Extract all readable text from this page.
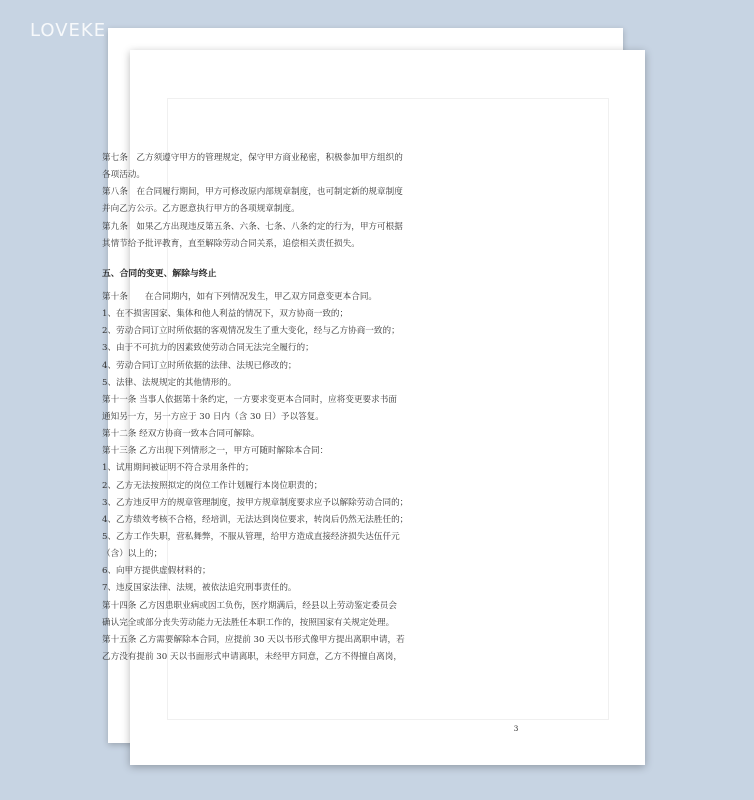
LOVEKE
3
第七条　乙方须遵守甲方的管理规定，保守甲方商业秘密，积极参加甲方组织的
各项活动。
第八条　在合同履行期间，甲方可修改原内部规章制度，也可制定新的规章制度
并向乙方公示。乙方愿意执行甲方的各项规章制度。
第九条　如果乙方出现违反第五条、六条、七条、八条约定的行为，甲方可根据
其情节给予批评教育，直至解除劳动合同关系，追偿相关责任损失。
五、合同的变更、解除与终止
第十条　　在合同期内，如有下列情况发生，甲乙双方同意变更本合同。
1、在不损害国家、集体和他人利益的情况下，双方协商一致的；
2、劳动合同订立时所依据的客观情况发生了重大变化，经与乙方协商一致的；
3、由于不可抗力的因素致使劳动合同无法完全履行的；
4、劳动合同订立时所依据的法律、法规已修改的；
5、法律、法规规定的其他情形的。
第十一条 当事人依据第十条约定，一方要求变更本合同时，应将变更要求书面
通知另一方，另一方应于 30 日内（含 30 日）予以答复。
第十二条 经双方协商一致本合同可解除。
第十三条 乙方出现下列情形之一，甲方可随时解除本合同：
1、试用期间被证明不符合录用条件的；
2、乙方无法按照拟定的岗位工作计划履行本岗位职责的；
3、乙方违反甲方的规章管理制度，按甲方规章制度要求应予以解除劳动合同的；
4、乙方绩效考核不合格，经培训，无法达到岗位要求，转岗后仍然无法胜任的；
5、乙方工作失职，营私舞弊，不服从管理，给甲方造成直接经济损失达伍仟元
（含）以上的；
6、向甲方提供虚假材料的；
7、违反国家法律、法规，被依法追究刑事责任的。
第十四条 乙方因患职业病或因工负伤，医疗期满后，经县以上劳动鉴定委员会
确认完全或部分丧失劳动能力无法胜任本职工作的，按照国家有关规定处理。
第十五条 乙方需要解除本合同，应提前 30 天以书形式像甲方提出离职申请，若
乙方没有提前 30 天以书面形式申请离职，未经甲方同意，乙方不得擅自离岗，
